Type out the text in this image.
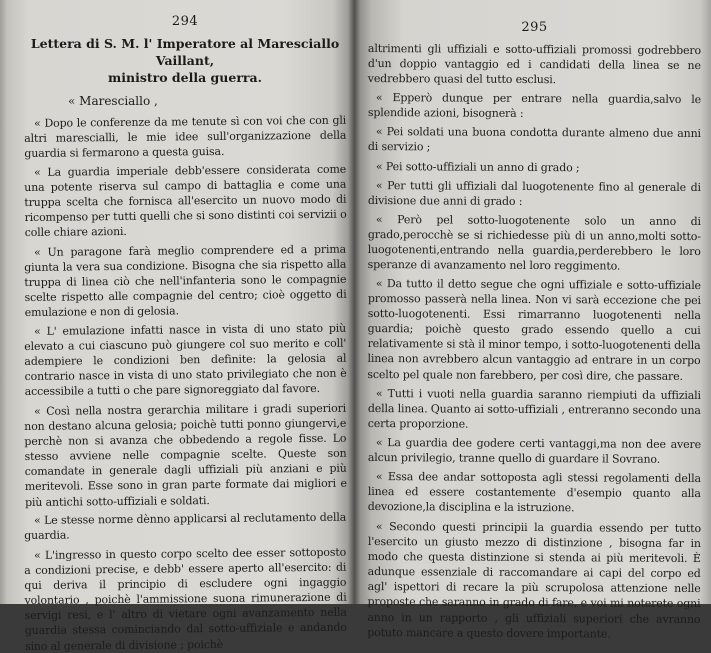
294
Lettera di S. M. l' Imperatore al Maresciallo Vaillant,
ministro della guerra.
« Maresciallo ,

« Dopo le conferenze da me tenute sì con voi che con gli altri marescialli, le mie idee sull'organizzazione della guardia si fermarono a questa guisa.

« La guardia imperiale debb'essere considerata come una potente riserva sul campo di battaglia e come una truppa scelta che fornisca all'esercito un nuovo modo di ricompenso per tutti quelli che si sono distinti coi servizii o colle chiare azioni.

« Un paragone farà meglio comprendere ed a prima giunta la vera sua condizione. Bisogna che sia rispetto alla truppa di linea ciò che nell'infanteria sono le compagnie scelte rispetto alle compagnie del centro; cioè oggetto di emulazione e non di gelosia.

« L' emulazione infatti nasce in vista di uno stato più elevato a cui ciascuno può giungere col suo merito e coll' adempiere le condizioni ben definite: la gelosia al contrario nasce in vista di uno stato privilegiato che non è accessibile a tutti o che pare signoreggiato dal favore.

« Così nella nostra gerarchia militare i gradi superiori non destano alcuna gelosia; poichè tutti ponno giungervi,e perchè non si avanza che obbedendo a regole fisse. Lo stesso avviene nelle compagnie scelte. Queste son comandate in generale dagli uffiziali più anziani e più meritevoli. Esse sono in gran parte formate dai migliori e più antichi sotto-uffiziali e soldati.

« Le stesse norme dènno applicarsi al reclutamento della guardia.

« L'ingresso in questo corpo scelto dee esser sottoposto a condizioni precise, e debb' essere aperto all'esercito: di qui deriva il principio di escludere ogni ingaggio volontario , poichè l'ammissione suona rimunerazione di servigi resi, e l' altro di vietare ogni avanzamento nella guardia stessa cominciando dal sotto-uffiziale e andando sino al generale di divisione ; poichè

295

altrimenti gli uffiziali e sotto-uffiziali promossi godrebbero d'un doppio vantaggio ed i candidati della linea se ne vedrebbero quasi del tutto esclusi.

« Epperò dunque per entrare nella guardia,salvo le splendide azioni, bisognerà :

« Pei soldati una buona condotta durante almeno due anni di servizio ;

« Pei sotto-uffiziali un anno di grado ;

« Per tutti gli uffiziali dal luogotenente fino al generale di divisione due anni di grado :

« Però pel sotto-luogotenente solo un anno di grado,perocchè se si richiedesse più di un anno,molti sotto-luogotenenti,entrando nella guardia,perderebbero le loro speranze di avanzamento nel loro reggimento.

« Da tutto il detto segue che ogni uffiziale e sotto-uffiziale promosso passerà nella linea. Non vi sarà eccezione che pei sotto-luogotenenti. Essi rimarranno luogotenenti nella guardia; poichè questo grado essendo quello a cui relativamente si stà il minor tempo, i sotto-luogotenenti della linea non avrebbero alcun vantaggio ad entrare in un corpo scelto pel quale non farebbero, per così dire, che passare.

« Tutti i vuoti nella guardia saranno riempiuti da uffiziali della linea. Quanto ai sotto-uffiziali , entreranno secondo una certa proporzione.

« La guardia dee godere certi vantaggi,ma non dee avere alcun privilegio, tranne quello di guardare il Sovrano.

« Essa dee andar sottoposta agli stessi regolamenti della linea ed essere costantemente d'esempio quanto alla devozione,la disciplina e la istruzione.

« Secondo questi principii la guardia essendo per tutto l'esercito un giusto mezzo di distinzione , bisogna far in modo che questa distinzione si stenda ai più meritevoli. È adunque essenziale di raccomandare ai capi del corpo ed agl' ispettori di recare la più scrupolosa attenzione nelle proposte che saranno in grado di fare, e voi mi noterete ogni anno in un rapporto , gli uffiziali superiori che avranno potuto mancare a questo dovere importante.
